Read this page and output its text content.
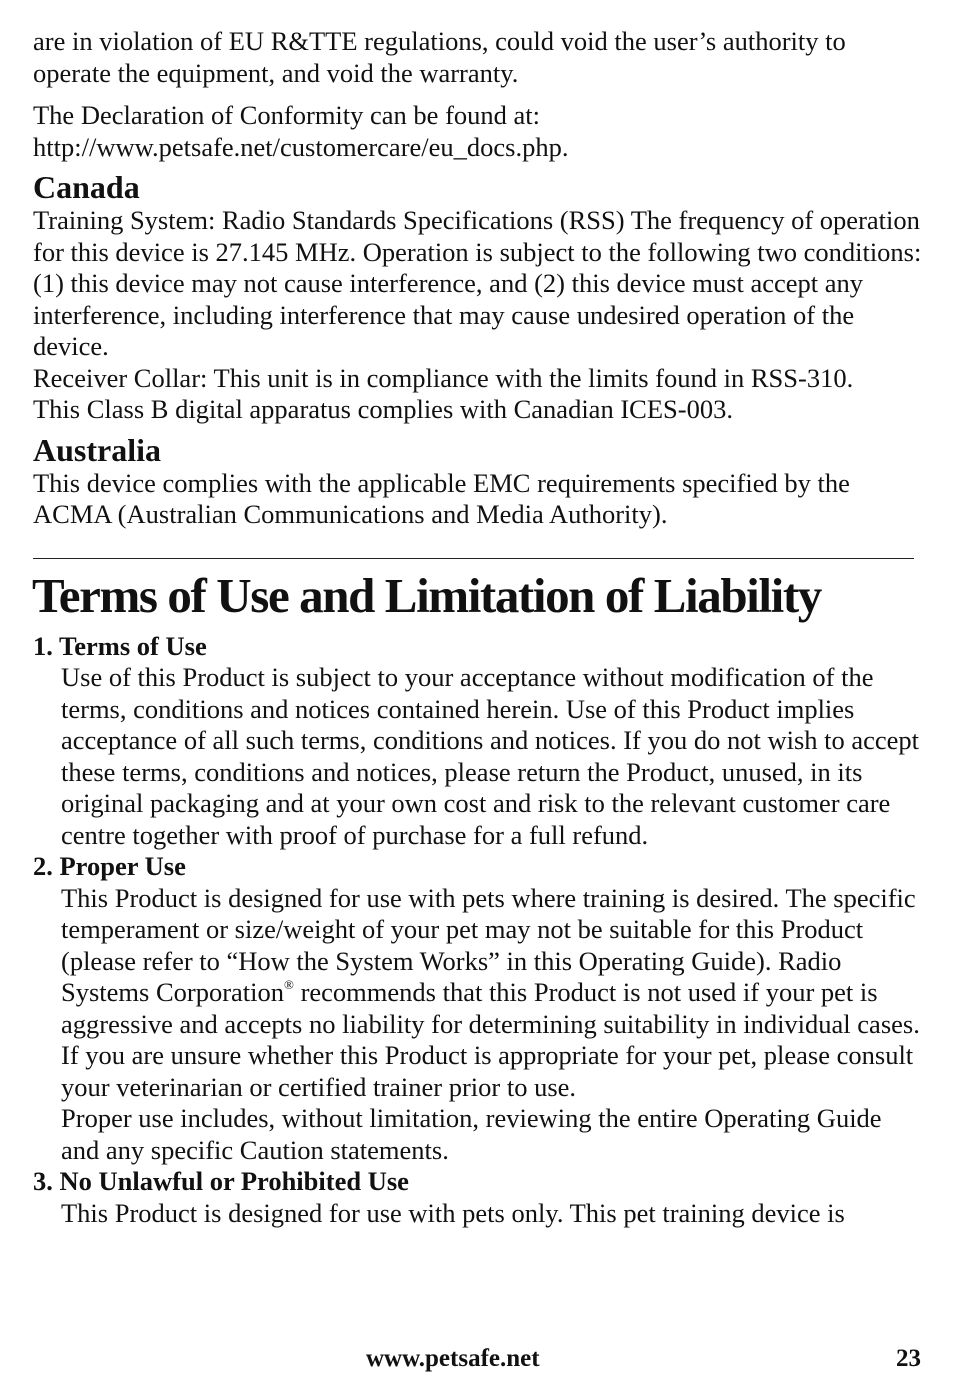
are in violation of EU R&TTE regulations, could void the user’s authority to operate the equipment, and void the warranty.

The Declaration of Conformity can be found at:
http://www.petsafe.net/customercare/eu_docs.php.

Canada

Training System: Radio Standards Specifications (RSS) The frequency of operation for this device is 27.145 MHz. Operation is subject to the following two conditions: (1) this device may not cause interference, and (2) this device must accept any interference, including interference that may cause undesired operation of the device.

Receiver Collar: This unit is in compliance with the limits found in RSS-310.

This Class B digital apparatus complies with Canadian ICES-003.

Australia

This device complies with the applicable EMC requirements specified by the ACMA (Australian Communications and Media Authority).

Terms of Use and Limitation of Liability
1. Terms of Use

Use of this Product is subject to your acceptance without modification of the terms, conditions and notices contained herein. Use of this Product implies acceptance of all such terms, conditions and notices. If you do not wish to accept these terms, conditions and notices, please return the Product, unused, in its original packaging and at your own cost and risk to the relevant customer care centre together with proof of purchase for a full refund.

2. Proper Use

This Product is designed for use with pets where training is desired. The specific temperament or size/weight of your pet may not be suitable for this Product (please refer to “How the System Works” in this Operating Guide). Radio Systems Corporation® recommends that this Product is not used if your pet is aggressive and accepts no liability for determining suitability in individual cases. If you are unsure whether this Product is appropriate for your pet, please consult your veterinarian or certified trainer prior to use.

Proper use includes, without limitation, reviewing the entire Operating Guide and any specific Caution statements.

3. No Unlawful or Prohibited Use

This Product is designed for use with pets only. This pet training device is

www.petsafe.net	23
